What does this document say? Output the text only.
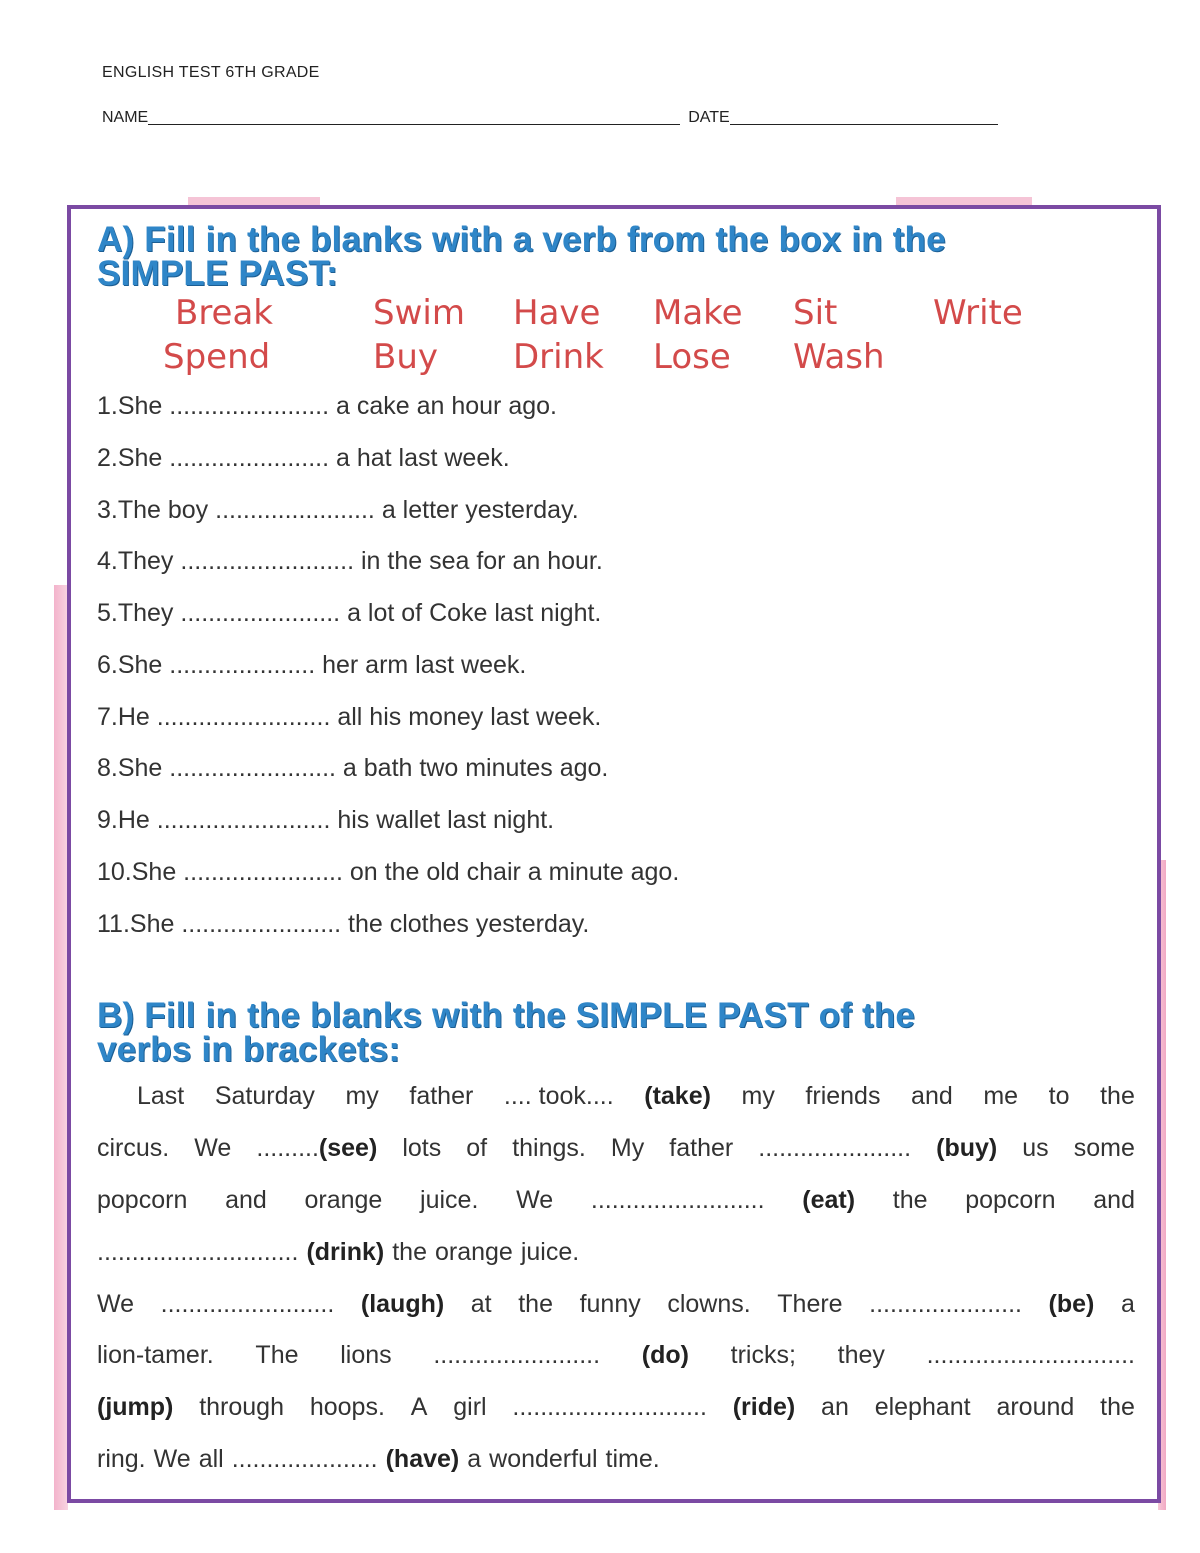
ENGLISH TEST 6TH GRADE
NAME	DATE
A) Fill in the blanks with a verb from the box in the
SIMPLE PAST:
Break	Swim Have Make Sit	Write
Spend	Buy Drink Lose Wash
1.She ....................... a cake an hour ago.
2.She ....................... a hat last week.
3.The boy ....................... a letter yesterday.
4.They ......................... in the sea for an hour.
5.They ....................... a lot of Coke last night.
6.She ..................... her arm last week.
7.He ......................... all his money last week.
8.She ........................ a bath two minutes ago.
9.He ......................... his wallet last night.
10.She ....................... on the old chair a minute ago.
11.She ....................... the clothes yesterday.
B) Fill in the blanks with the SIMPLE PAST of the
verbs in brackets:
Last Saturday my father .... took.... (take) my friends and me to the
circus. We .........(see) lots of things. My father ...................... (buy) us some
popcorn and orange juice. We ......................... (eat) the popcorn and
............................. (drink) the orange juice.
We ......................... (laugh) at the funny clowns. There ...................... (be) a
lion-tamer. The lions ........................ (do) tricks; they ..............................
(jump) through hoops. A girl ............................ (ride) an elephant around the
ring. We all ..................... (have) a wonderful time.
